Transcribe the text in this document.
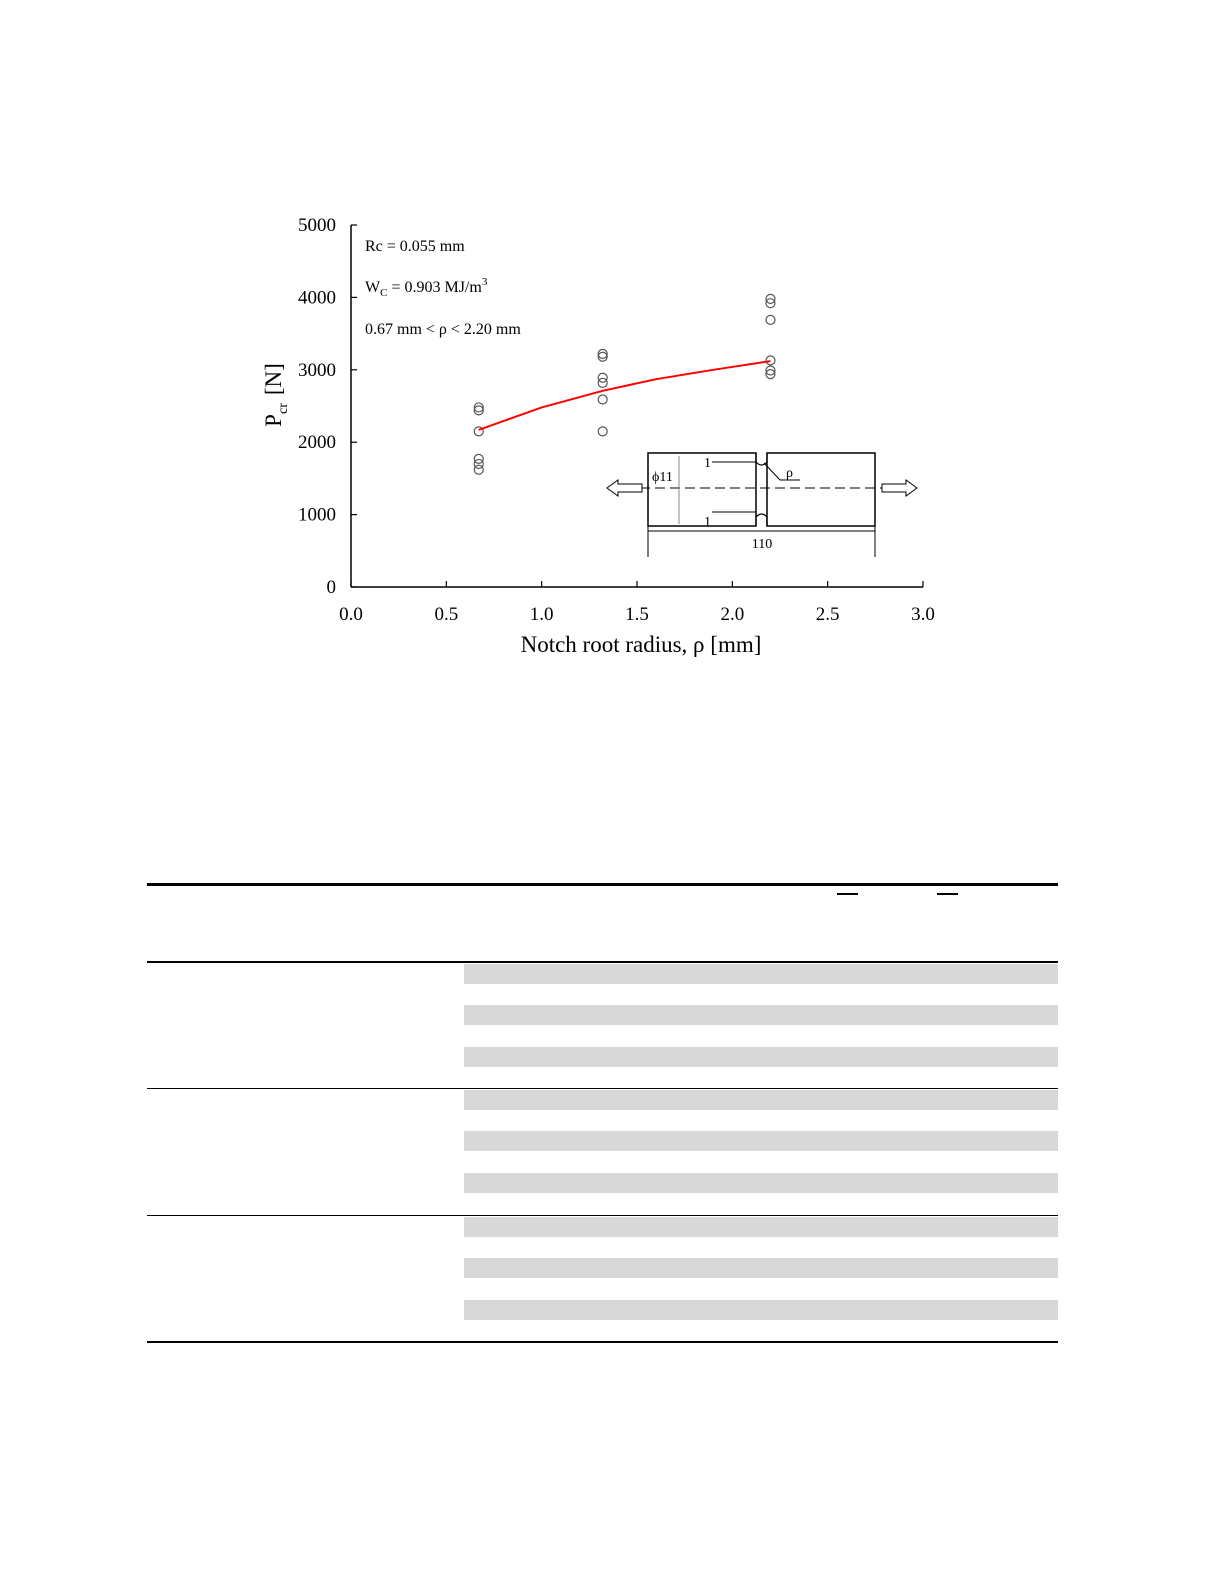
0
1000
2000
3000
4000
5000
0.0	0.5	1.0	1.5	2.0	2.5	3.0
Notch root radius, ρ [mm]
$P_{cr}[N]$
Rc = 0.055 mm
$W_C = 0.903$ $MJ/m^3$
0.67 mm < ρ < 2.20 mm
ϕ11
1
1
ρ
110
